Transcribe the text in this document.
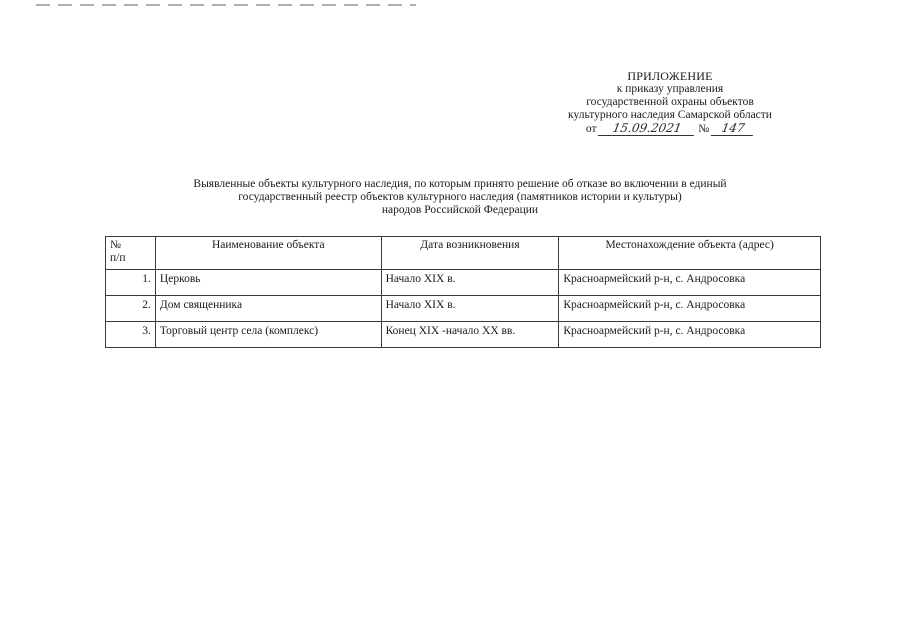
ПРИЛОЖЕНИЕ
к приказу управления
государственной охраны объектов
культурного наследия Самарской области
от 15.09.2021 № 147
Выявленные объекты культурного наследия, по которым принято решение об отказе во включении в единый
государственный реестр объектов культурного наследия (памятников истории и культуры)
народов Российской Федерации
№
п/п	Наименование объекта	Дата возникновения	Местонахождение объекта (адрес)
1.	Церковь	Начало XIX в.	Красноармейский р-н, с. Андросовка
2.	Дом священника	Начало XIX в.	Красноармейский р-н, с. Андросовка
3.	Торговый центр села (комплекс)	Конец XIX -начало XX вв.	Красноармейский р-н, с. Андросовка
